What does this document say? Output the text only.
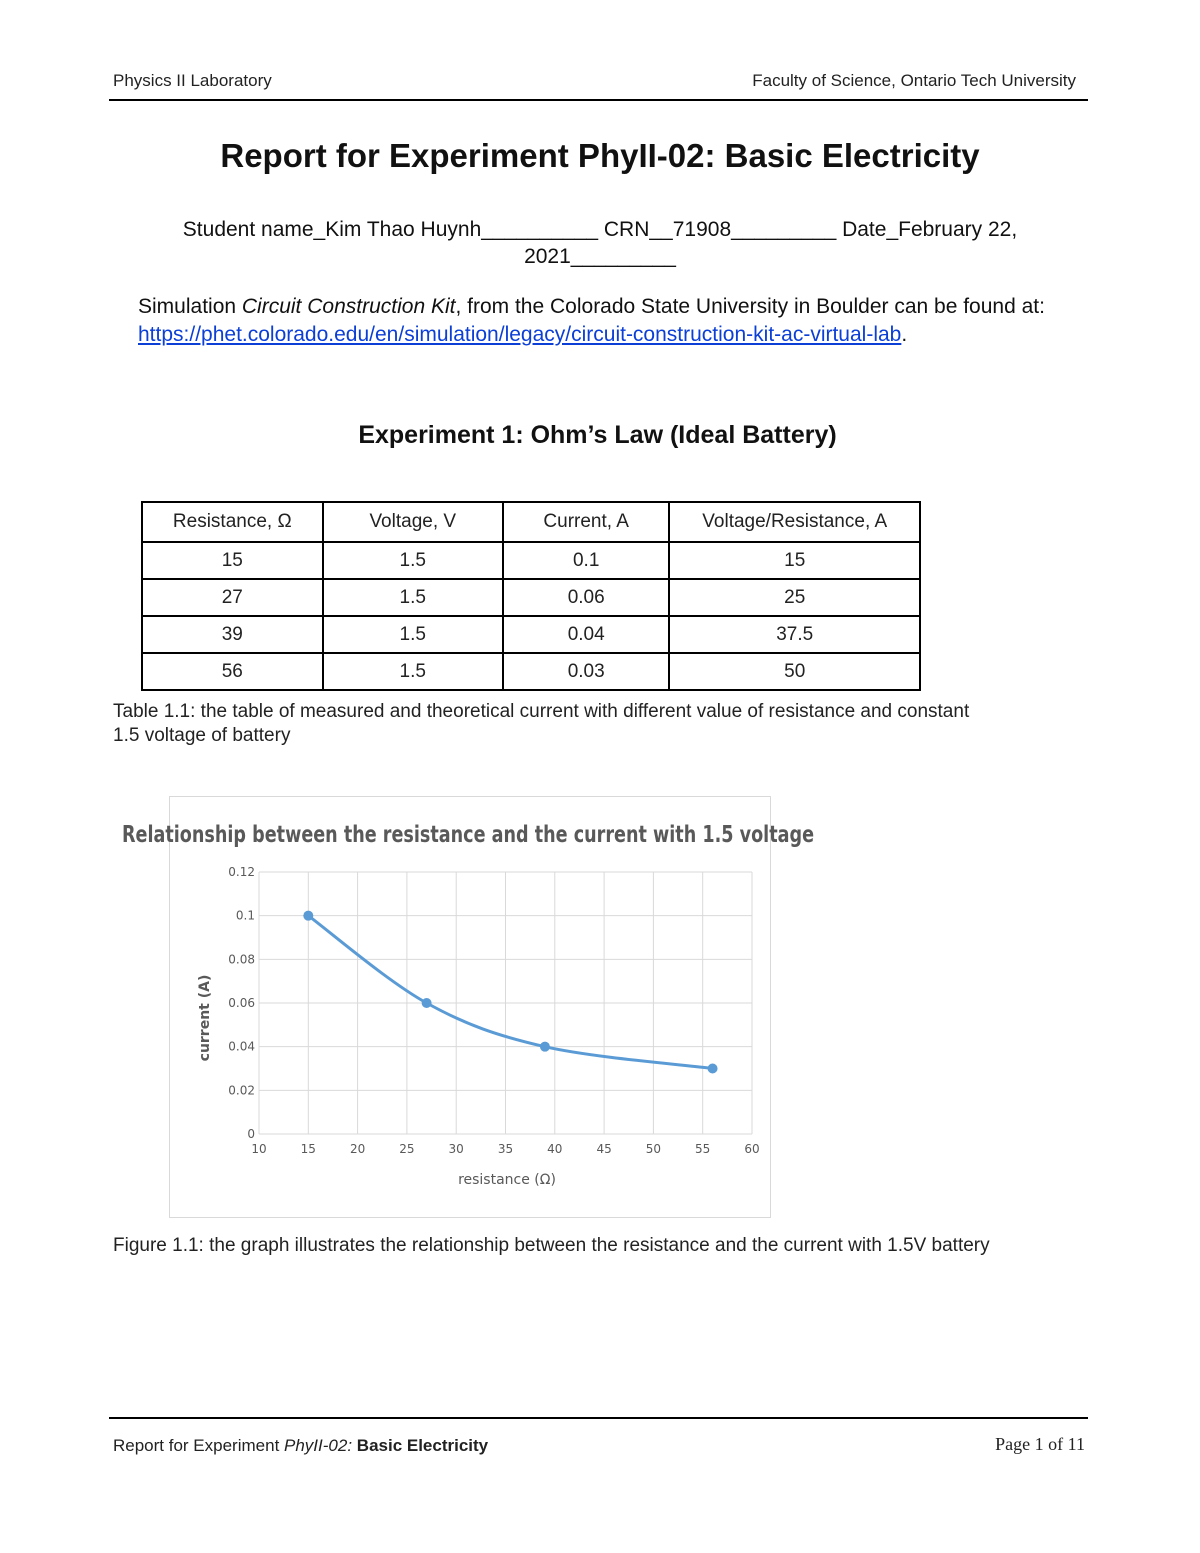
Physics II Laboratory	Faculty of Science, Ontario Tech University
Report for Experiment PhyII-02: Basic Electricity
Student name_Kim Thao Huynh__________ CRN__71908_________ Date_February 22, 2021_________
Simulation Circuit Construction Kit, from the Colorado State University in Boulder can be found at: https://phet.colorado.edu/en/simulation/legacy/circuit-construction-kit-ac-virtual-lab.
Experiment 1: Ohm’s Law (Ideal Battery)
Resistance, Ω	Voltage, V	Current, A	Voltage/Resistance, A
15	1.5	0.1	15
27	1.5	0.06	25
39	1.5	0.04	37.5
56	1.5	0.03	50
Table 1.1: the table of measured and theoretical current with different value of resistance and constant 1.5 voltage of battery
Relationship between the resistance and the current with 1.5 voltage
10	15	20	25	30	35	40	45	50	55	60
0
0.02
0.04
0.06
0.08
0.1
0.12
resistance (Ω)
current (A)
Figure 1.1: the graph illustrates the relationship between the resistance and the current with 1.5V battery
Report for Experiment PhyII-02: Basic Electricity	Page 1 of 11
